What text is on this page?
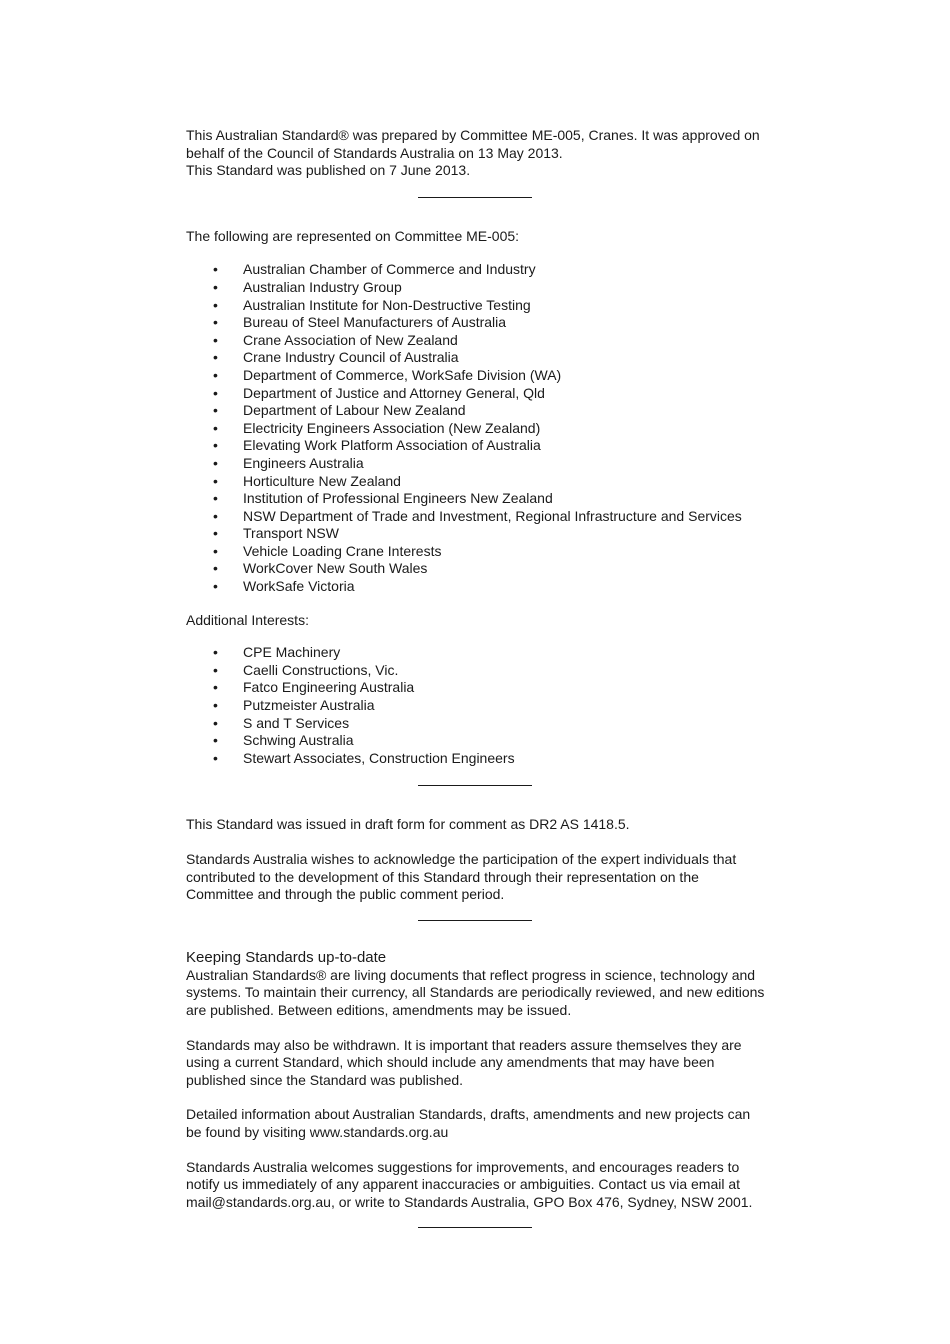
This Australian Standard® was prepared by Committee ME-005, Cranes. It was approved on

behalf of the Council of Standards Australia on 13 May 2013.

This Standard was published on 7 June 2013.

The following are represented on Committee ME-005:

• Australian Chamber of Commerce and Industry
• Australian Industry Group
• Australian Institute for Non-Destructive Testing
• Bureau of Steel Manufacturers of Australia
• Crane Association of New Zealand
• Crane Industry Council of Australia
• Department of Commerce, WorkSafe Division (WA)
• Department of Justice and Attorney General, Qld
• Department of Labour New Zealand
• Electricity Engineers Association (New Zealand)
• Elevating Work Platform Association of Australia
• Engineers Australia
• Horticulture New Zealand
• Institution of Professional Engineers New Zealand
• NSW Department of Trade and Investment, Regional Infrastructure and Services
• Transport NSW
• Vehicle Loading Crane Interests
• WorkCover New South Wales
• WorkSafe Victoria

Additional Interests:

• CPE Machinery
• Caelli Constructions, Vic.
• Fatco Engineering Australia
• Putzmeister Australia
• S and T Services
• Schwing Australia
• Stewart Associates, Construction Engineers

This Standard was issued in draft form for comment as DR2 AS 1418.5.

Standards Australia wishes to acknowledge the participation of the expert individuals that

contributed to the development of this Standard through their representation on the

Committee and through the public comment period.

Keeping Standards up-to-date

Australian Standards® are living documents that reflect progress in science, technology and

systems. To maintain their currency, all Standards are periodically reviewed, and new editions

are published. Between editions, amendments may be issued.

Standards may also be withdrawn. It is important that readers assure themselves they are

using a current Standard, which should include any amendments that may have been

published since the Standard was published.

Detailed information about Australian Standards, drafts, amendments and new projects can

be found by visiting www.standards.org.au

Standards Australia welcomes suggestions for improvements, and encourages readers to

notify us immediately of any apparent inaccuracies or ambiguities. Contact us via email at

mail@standards.org.au, or write to Standards Australia, GPO Box 476, Sydney, NSW 2001.
